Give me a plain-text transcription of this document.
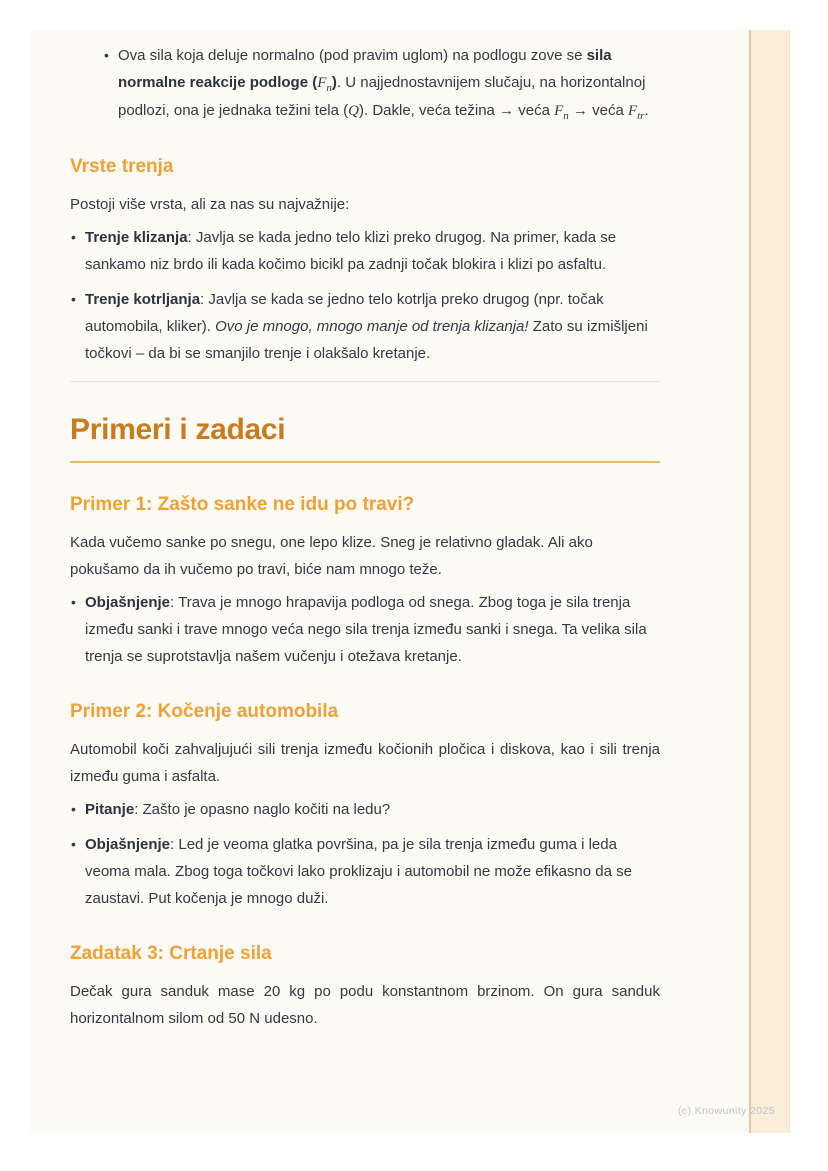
• Ova sila koja deluje normalno (pod pravim uglom) na podlogu zove se sila normalne reakcije podloge $(F_n)$. U najjednostavnijem slučaju, na horizontalnoj podlozi, ona je jednaka težini tela (Q). Dakle, veća težina → veća $F_n$ → veća $F_{tr}$.
Vrste trenja

Postoji više vrsta, ali za nas su najvažnije:

• Trenje klizanja: Javlja se kada jedno telo klizi preko drugog. Na primer, kada se sankamo niz brdo ili kada kočimo bicikl pa zadnji točak blokira i klizi po asfaltu.
• Trenje kotrljanja: Javlja se kada se jedno telo kotrlja preko drugog (npr. točak automobila, kliker). Ovo je mnogo, mnogo manje od trenja klizanja! Zato su izmišljeni točkovi – da bi se smanjilo trenje i olakšalo kretanje.
Primeri i zadaci
Primer 1: Zašto sanke ne idu po travi?

Kada vučemo sanke po snegu, one lepo klize. Sneg je relativno gladak. Ali ako pokušamo da ih vučemo po travi, biće nam mnogo teže.

• Objašnjenje: Trava je mnogo hrapavija podloga od snega. Zbog toga je sila trenja između sanki i trave mnogo veća nego sila trenja između sanki i snega. Ta velika sila trenja se suprotstavlja našem vučenju i otežava kretanje.
Primer 2: Kočenje automobila

Automobil koči zahvaljujući sili trenja između kočionih pločica i diskova, kao i sili trenja između guma i asfalta.

• Pitanje: Zašto je opasno naglo kočiti na ledu?
• Objašnjenje: Led je veoma glatka površina, pa je sila trenja između guma i leda veoma mala. Zbog toga točkovi lako proklizaju i automobil ne može efikasno da se zaustavi. Put kočenja je mnogo duži.
Zadatak 3: Crtanje sila

Dečak gura sanduk mase 20 kg po podu konstantnom brzinom. On gura sanduk horizontalnom silom od 50 N udesno.

(c) Knowunity 2025
